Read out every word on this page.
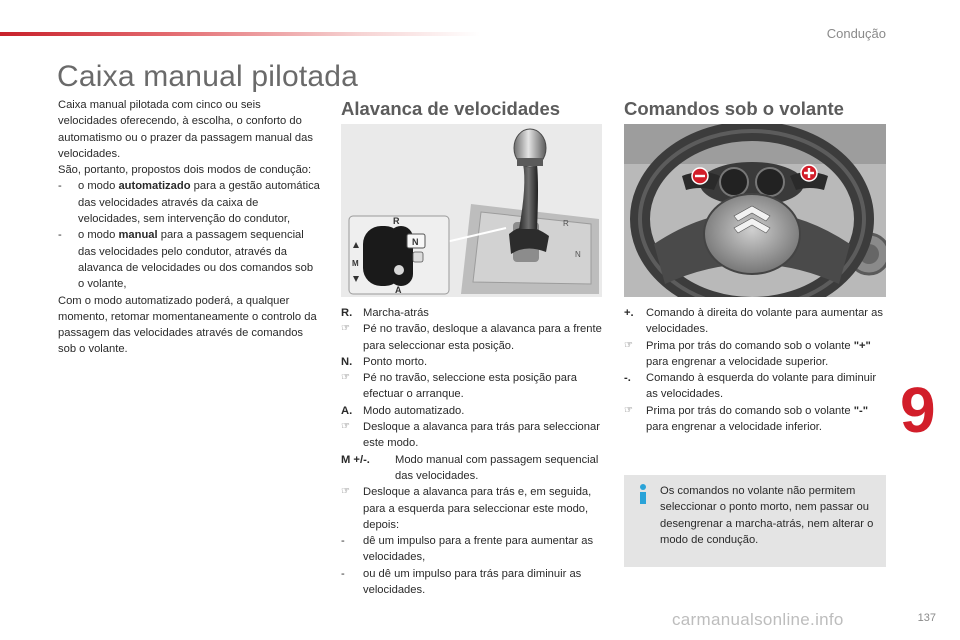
Condução
Caixa manual pilotada

Caixa manual pilotada com cinco ou seis velocidades oferecendo, à escolha, o conforto do automatismo ou o prazer da passagem manual das velocidades.

São, portanto, propostos dois modos de condução:

-	o modo automatizado para a gestão automática das velocidades através da caixa de velocidades, sem intervenção do condutor,
-	o modo manual para a passagem sequencial das velocidades pelo condutor, através da alavanca de velocidades ou dos comandos sob o volante,

Com o modo automatizado poderá, a qualquer momento, retomar momentaneamente o controlo da passagem das velocidades através de comandos sob o volante.

Alavanca de velocidades
R
N
N
R
A
M
R. Marcha-atrás
☞	Pé no travão, desloque a alavanca para a frente para seleccionar esta posição.
N. Ponto morto.
☞	Pé no travão, seleccione esta posição para efectuar o arranque.
A. Modo automatizado.
☞	Desloque a alavanca para trás para seleccionar este modo.
M +/-.	Modo manual com passagem sequencial das velocidades.
☞	Desloque a alavanca para trás e, em seguida, para a esquerda para seleccionar este modo, depois:
-	dê um impulso para a frente para aumentar as velocidades,
-	ou dê um impulso para trás para diminuir as velocidades.
Comandos sob o volante
+.	Comando à direita do volante para aumentar as velocidades.
☞	Prima por trás do comando sob o volante "+" para engrenar a velocidade superior.
-.	Comando à esquerda do volante para diminuir as velocidades.
☞	Prima por trás do comando sob o volante "-" para engrenar a velocidade inferior.
Os comandos no volante não permitem seleccionar o ponto morto, nem passar ou desengrenar a marcha-atrás, nem alterar o modo de condução.
9
carmanualsonline.info	137
